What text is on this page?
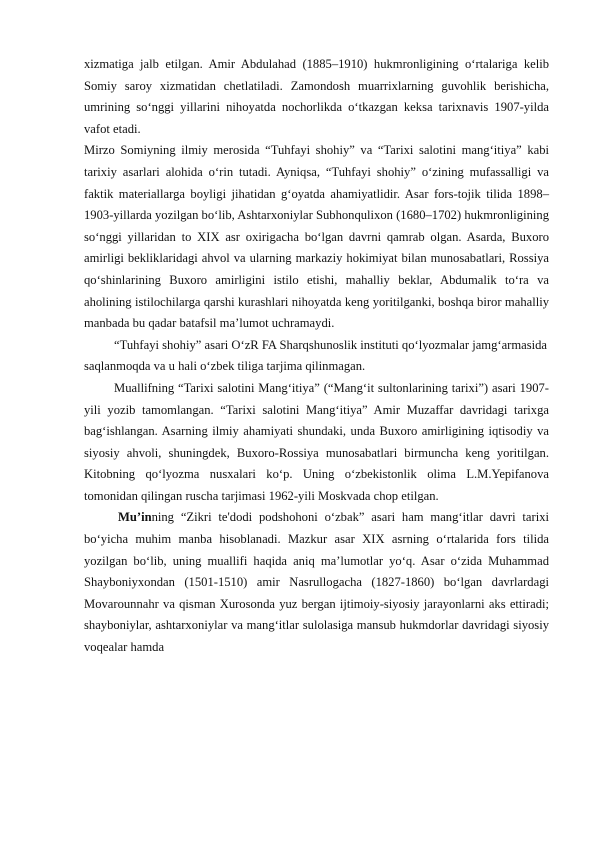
xizmatiga jalb etilgan. Amir Abdulahad (1885–1910) hukmronligining o‘rtalariga kelib Somiy saroy xizmatidan chetlatiladi. Zamondosh muarrixlarning guvohlik berishicha, umrining so‘nggi yillarini nihoyatda nochorlikda o‘tkazgan keksa tarixnavis 1907-yilda vafot etadi.

Mirzo Somiyning ilmiy merosida “Tuhfayi shohiy” va “Tarixi salotini mang‘itiya” kabi tarixiy asarlari alohida o‘rin tutadi. Ayniqsa, “Tuhfayi shohiy” o‘zining mufassalligi va faktik materiallarga boyligi jihatidan g‘oyatda ahamiyatlidir. Asar fors-tojik tilida 1898–1903-yillarda yozilgan bo‘lib, Ashtarxoniylar Subhonqulixon (1680–1702) hukmronligining so‘nggi yillaridan to XIX asr oxirigacha bo‘lgan davrni qamrab olgan. Asarda, Buxoro amirligi bekliklaridagi ahvol va ularning markaziy hokimiyat bilan munosabatlari, Rossiya qo‘shinlarining Buxoro amirligini istilo etishi, mahalliy beklar, Abdumalik to‘ra va aholining istilochilarga qarshi kurashlari nihoyatda keng yoritilganki, boshqa biror mahalliy manbada bu qadar batafsil ma’lumot uchramaydi.

“Tuhfayi shohiy” asari O‘zR FA Sharqshunoslik instituti qo‘lyozmalar jamg‘armasida saqlanmoqda va u hali o‘zbek tiliga tarjima qilinmagan.

Muallifning “Tarixi salotini Mang‘itiya” (“Mang‘it sultonlarining tarixi”) asari 1907-yili yozib tamomlangan. “Tarixi salotini Mang‘itiya” Amir Muzaffar davridagi tarixga bag‘ishlangan. Asarning ilmiy ahamiyati shundaki, unda Buxoro amirligining iqtisodiy va siyosiy ahvoli, shuningdek, Buxoro-Rossiya munosabatlari birmuncha keng yoritilgan. Kitobning qo‘lyozma nusxalari ko‘p. Uning o‘zbekistonlik olima L.M.Yepifanova tomonidan qilingan ruscha tarjimasi 1962-yili Moskvada chop etilgan.

Mu’inning “Zikri te'dodi podshohoni o‘zbak” asari ham mang‘itlar davri tarixi bo‘yicha muhim manba hisoblanadi. Mazkur asar XIX asrning o‘rtalarida fors tilida yozilgan bo‘lib, uning muallifi haqida aniq ma’lumotlar yo‘q. Asar o‘zida Muhammad Shayboniyxondan (1501-1510) amir Nasrullogacha (1827-1860) bo‘lgan davrlardagi Movarounnahr va qisman Xurosonda yuz bergan ijtimoiy-siyosiy jarayonlarni aks ettiradi; shayboniylar, ashtarxoniylar va mang‘itlar sulolasiga mansub hukmdorlar davridagi siyosiy voqealar hamda
